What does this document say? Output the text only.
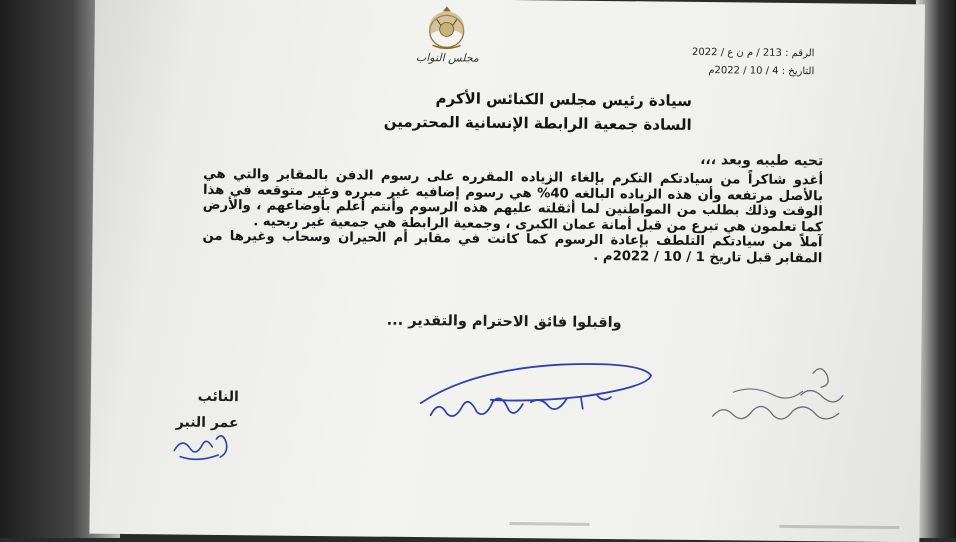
مجلس النواب	الرقم : 213 / م ن ع / 2022
التاريخ : 4 / 10 / 2022م
سيادة رئيس مجلس الكنائس الأكرم
السادة جمعية الرابطة الإنسانية المحترمين
تحيه طيبه وبعد ،،،

أغدو شاكراً من سيادتكم التكرم بإلغاء الزياده المقرره على رسوم الدفن بالمقابر والتي هي بالأصل مرتفعه وأن هذه الزياده البالغه 40% هي رسوم إضافيه غير مبرره وغير متوقعه في هذا الوقت وذلك بطلب من المواطنين لما أثقلته عليهم هذه الرسوم وأنتم أعلم بأوضاعهم ، والأرض كما تعلمون هي تبرع من قبل أمانة عمان الكبرى ، وجمعية الرابطة هي جمعية غير ربحيه .

آملاً من سيادتكم التلطف بإعادة الرسوم كما كانت في مقابر أم الحيران وسحاب وغيرها من المقابر قبل تاريخ 1 / 10 / 2022م .

واقبلوا فائق الاحترام والتقدير ...
النائب
عمر النبر
